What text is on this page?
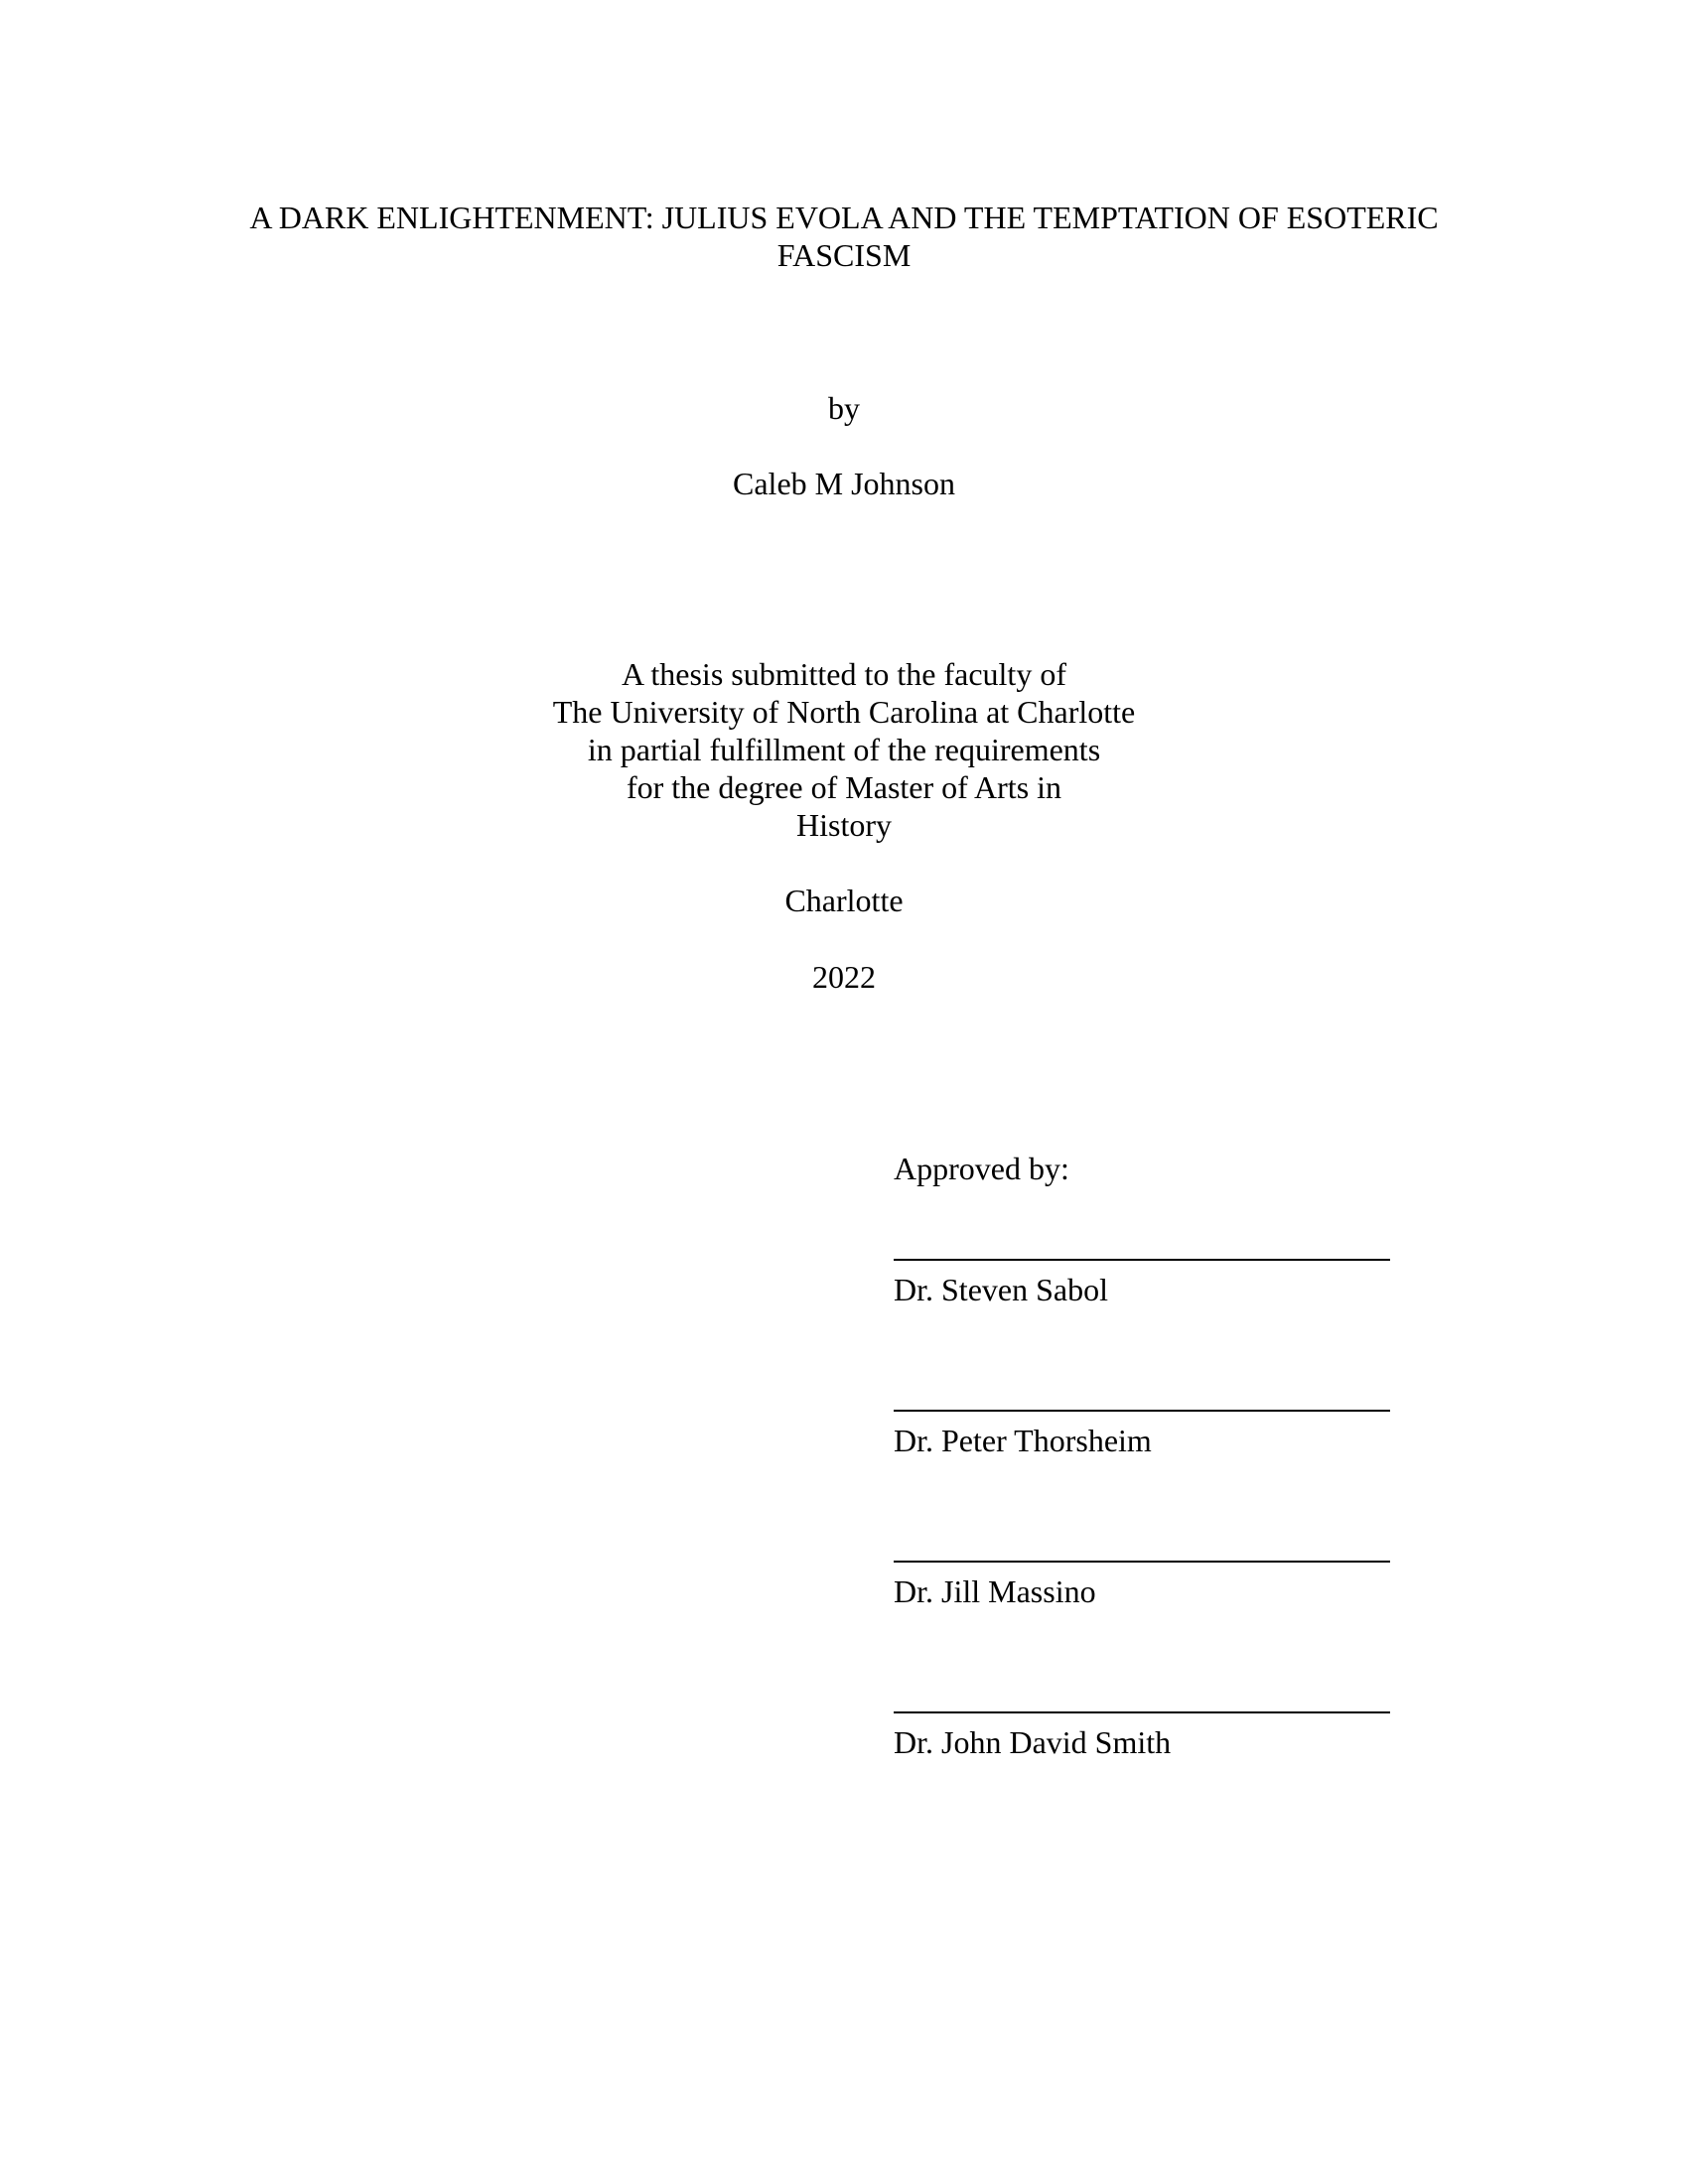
A DARK ENLIGHTENMENT: JULIUS EVOLA AND THE TEMPTATION OF ESOTERIC
FASCISM
by
Caleb M Johnson
A thesis submitted to the faculty of
The University of North Carolina at Charlotte
in partial fulfillment of the requirements
for the degree of Master of Arts in
History
Charlotte
2022
Approved by:
Dr. Steven Sabol
Dr. Peter Thorsheim
Dr. Jill Massino
Dr. John David Smith
